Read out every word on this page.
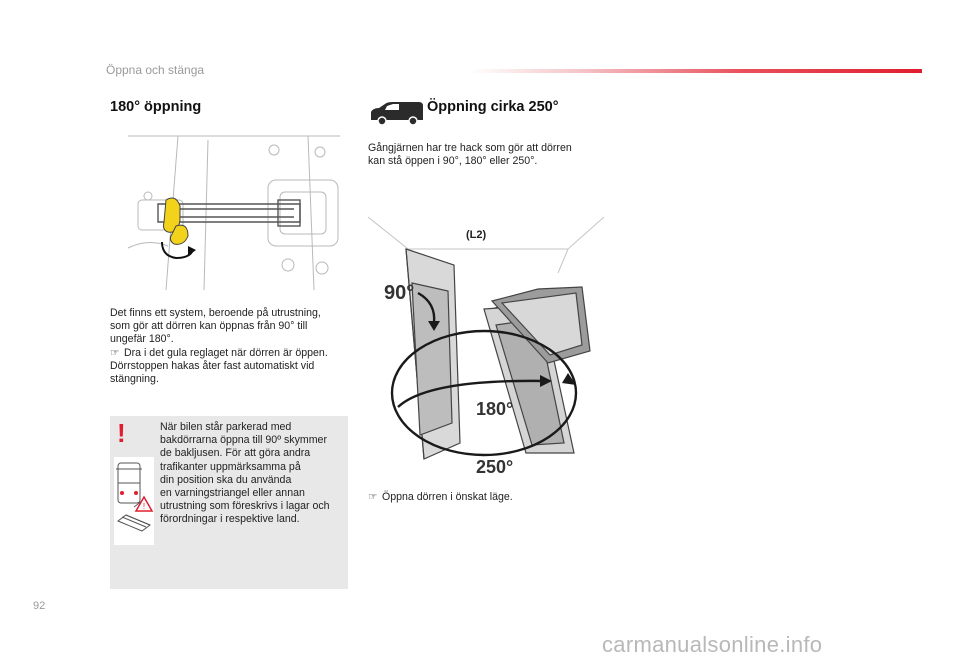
Öppna och stänga
180° öppning
Det finns ett system, beroende på utrustning,
som gör att dörren kan öppnas från 90° till
ungefär 180°.
☞ Dra i det gula reglaget när dörren är öppen.
Dörrstoppen hakas åter fast automatiskt vid
stängning.
!
!
När bilen står parkerad med
bakdörrarna öppna till 90º skymmer
de bakljusen. För att göra andra
trafikanter uppmärksamma på
din position ska du använda
en varningstriangel eller annan
utrustning som föreskrivs i lagar och
förordningar i respektive land.
Öppning cirka 250°
Gångjärnen har tre hack som gör att dörren
kan stå öppen i 90°, 180° eller 250°.
(L2)
90°
180°
250°
☞ Öppna dörren i önskat läge.
92
carmanualsonline.info
